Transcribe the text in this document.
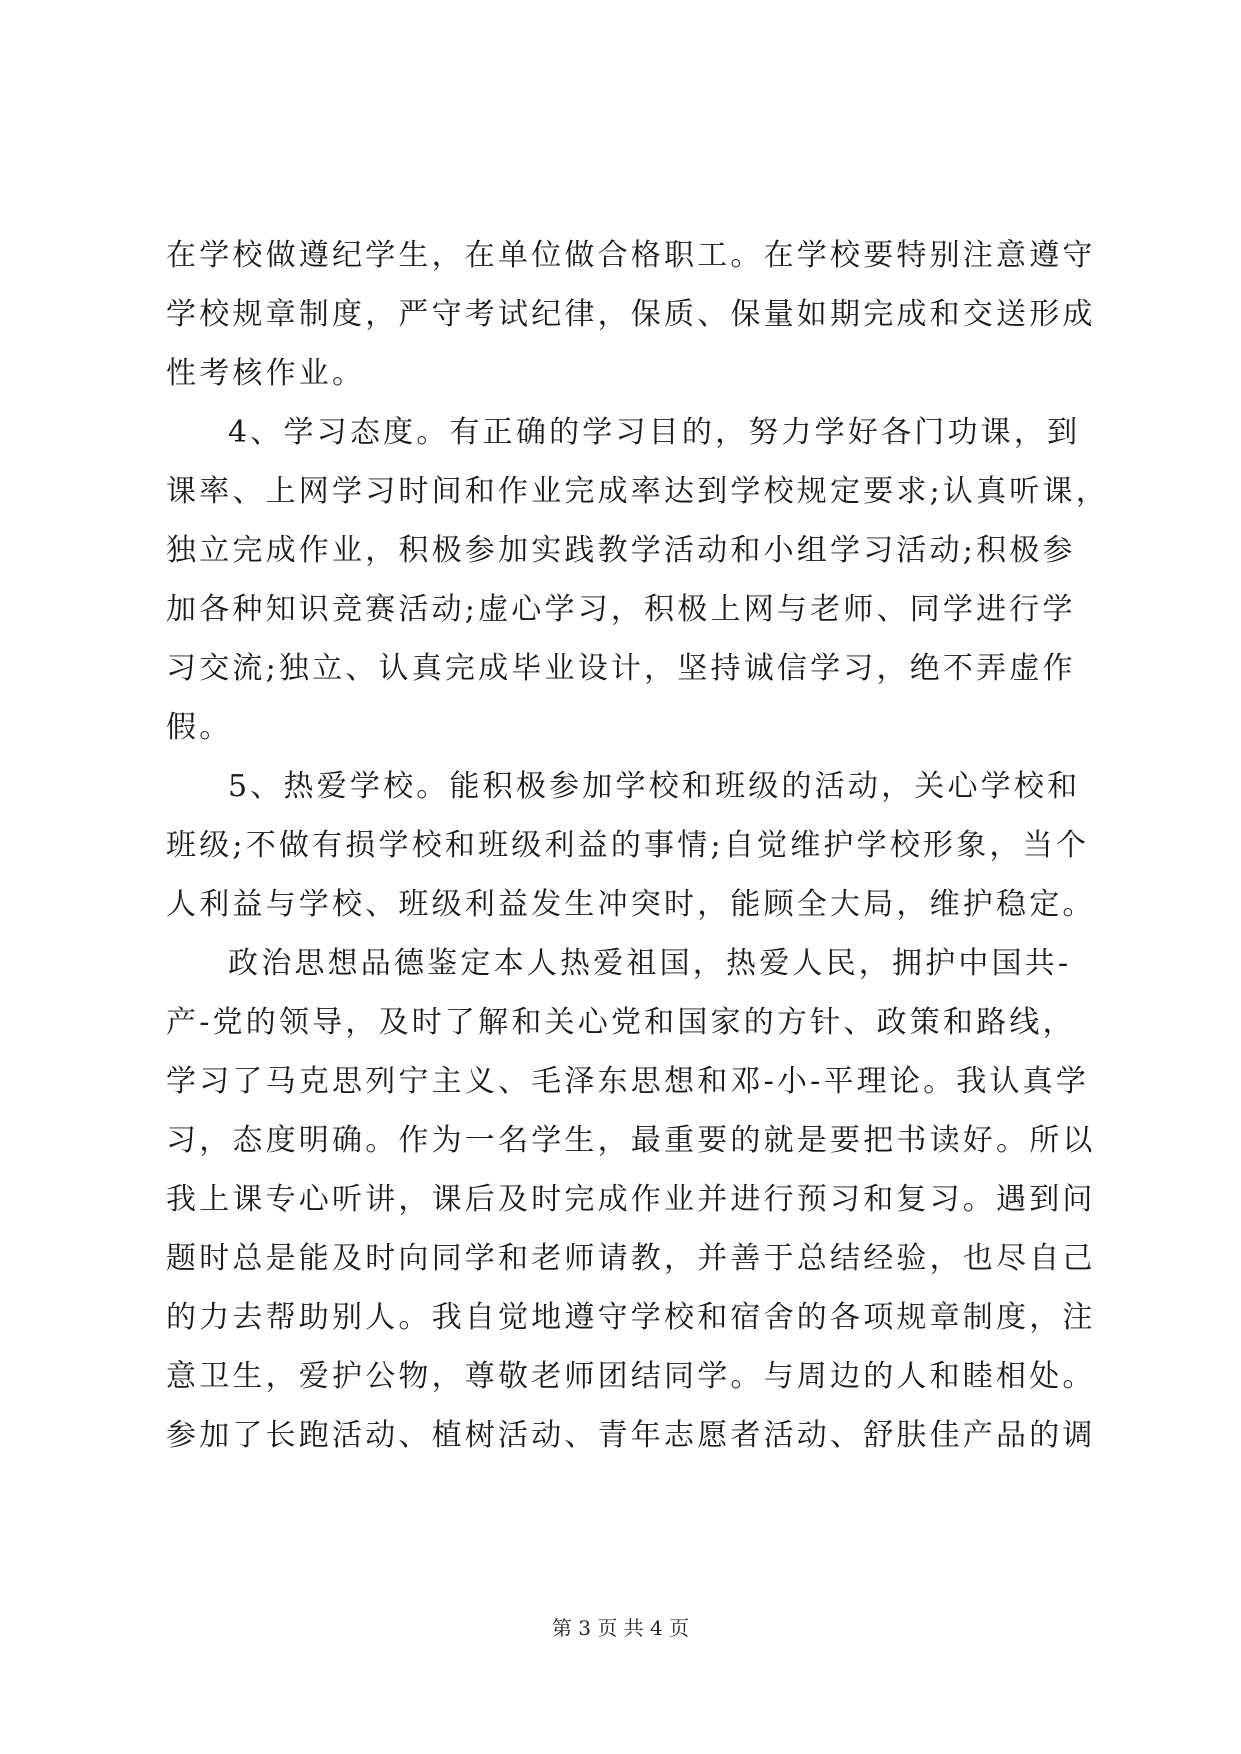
在学校做遵纪学生，在单位做合格职工。在学校要特别注意遵守
学校规章制度，严守考试纪律，保质、保量如期完成和交送形成
性考核作业。
4、学习态度。有正确的学习目的，努力学好各门功课，到
课率、上网学习时间和作业完成率达到学校规定要求;认真听课，
独立完成作业，积极参加实践教学活动和小组学习活动;积极参
加各种知识竞赛活动;虚心学习，积极上网与老师、同学进行学
习交流;独立、认真完成毕业设计，坚持诚信学习，绝不弄虚作
假。
5、热爱学校。能积极参加学校和班级的活动，关心学校和
班级;不做有损学校和班级利益的事情;自觉维护学校形象，当个
人利益与学校、班级利益发生冲突时，能顾全大局，维护稳定。
政治思想品德鉴定本人热爱祖国，热爱人民，拥护中国共-
产-党的领导，及时了解和关心党和国家的方针、政策和路线，
学习了马克思列宁主义、毛泽东思想和邓-小-平理论。我认真学
习，态度明确。作为一名学生，最重要的就是要把书读好。所以
我上课专心听讲，课后及时完成作业并进行预习和复习。遇到问
题时总是能及时向同学和老师请教，并善于总结经验，也尽自己
的力去帮助别人。我自觉地遵守学校和宿舍的各项规章制度，注
意卫生，爱护公物，尊敬老师团结同学。与周边的人和睦相处。
参加了长跑活动、植树活动、青年志愿者活动、舒肤佳产品的调
第 3 页 共 4 页
